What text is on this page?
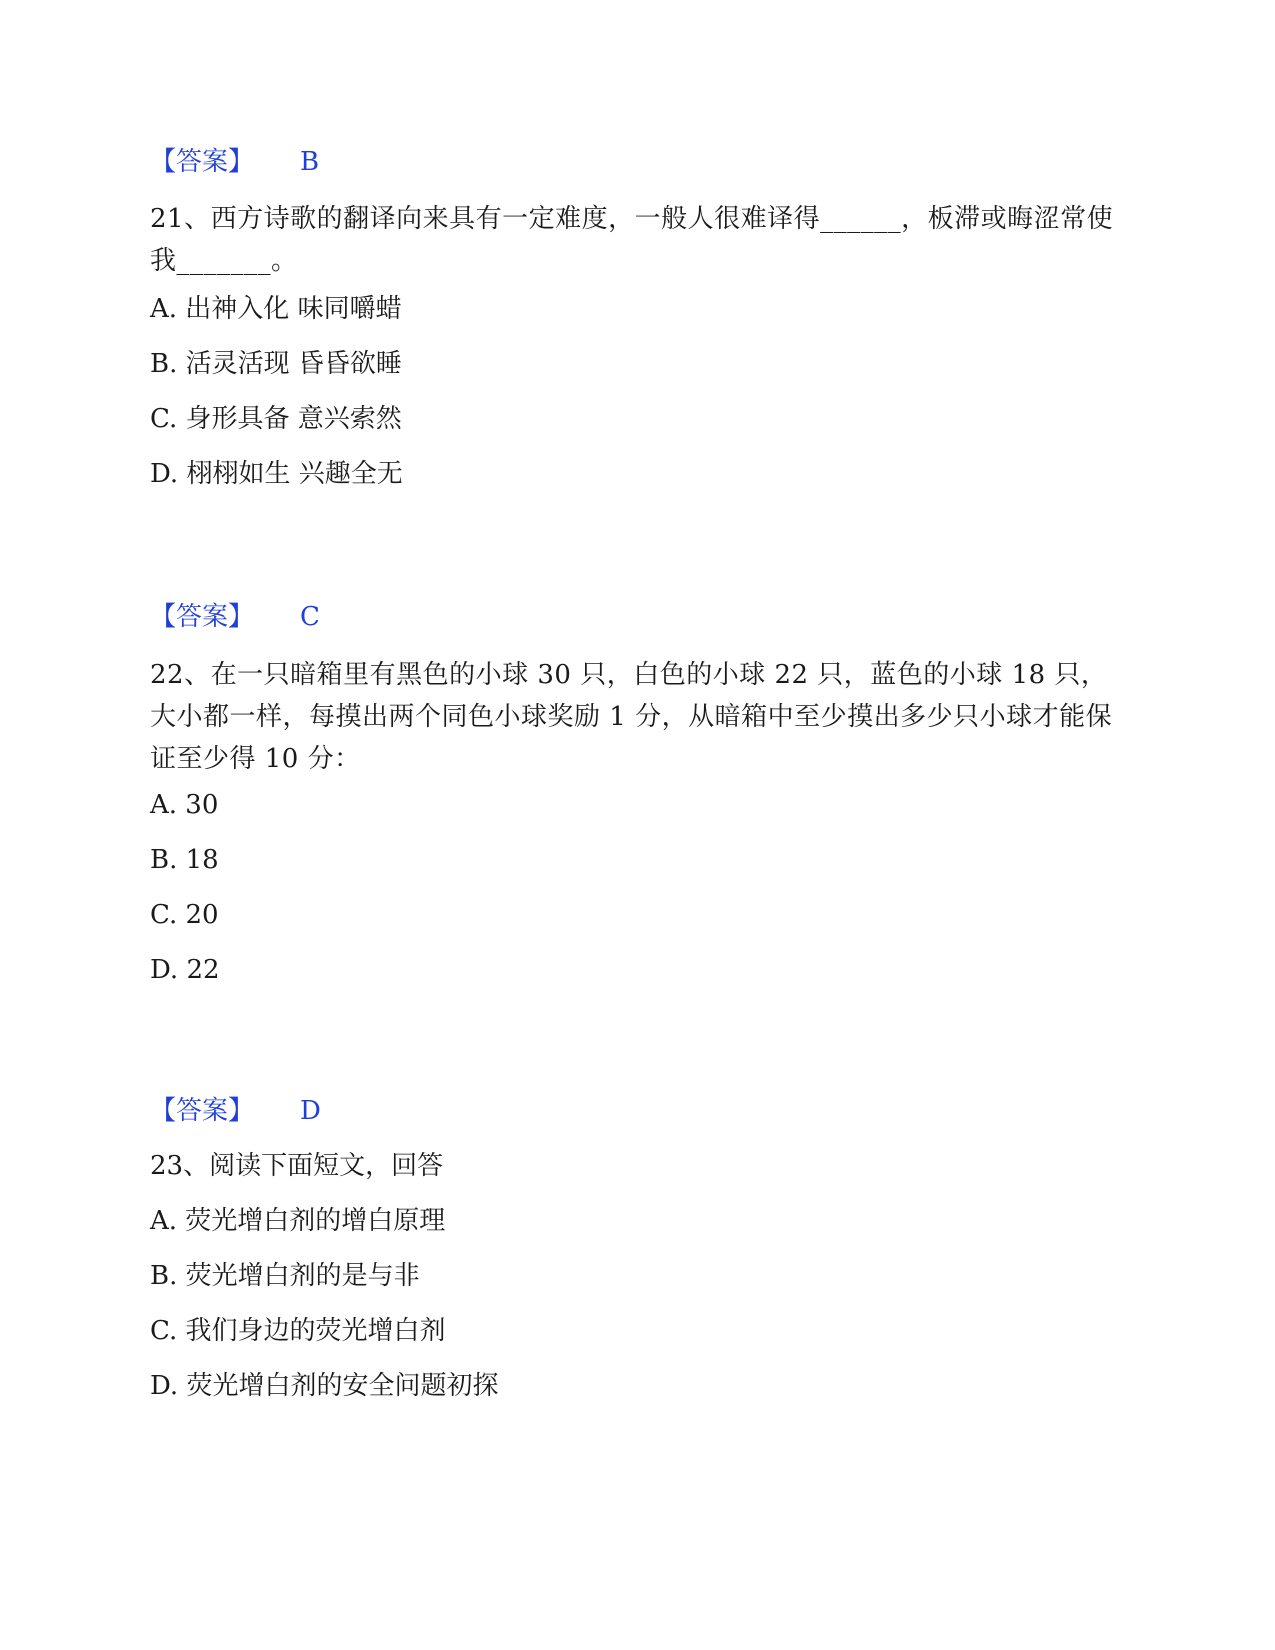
【答案】 B
21、西方诗歌的翻译向来具有一定难度，一般人很难译得______，板滞或晦涩常使我_______。
A. 出神入化 味同嚼蜡
B. 活灵活现 昏昏欲睡
C. 身形具备 意兴索然
D. 栩栩如生 兴趣全无
【答案】 C
22、在一只暗箱里有黑色的小球 30 只，白色的小球 22 只，蓝色的小球 18 只，大小都一样，每摸出两个同色小球奖励 1 分，从暗箱中至少摸出多少只小球才能保证至少得 10 分：
A. 30
B. 18
C. 20
D. 22
【答案】 D
23、阅读下面短文，回答
A. 荧光增白剂的增白原理
B. 荧光增白剂的是与非
C. 我们身边的荧光增白剂
D. 荧光增白剂的安全问题初探
